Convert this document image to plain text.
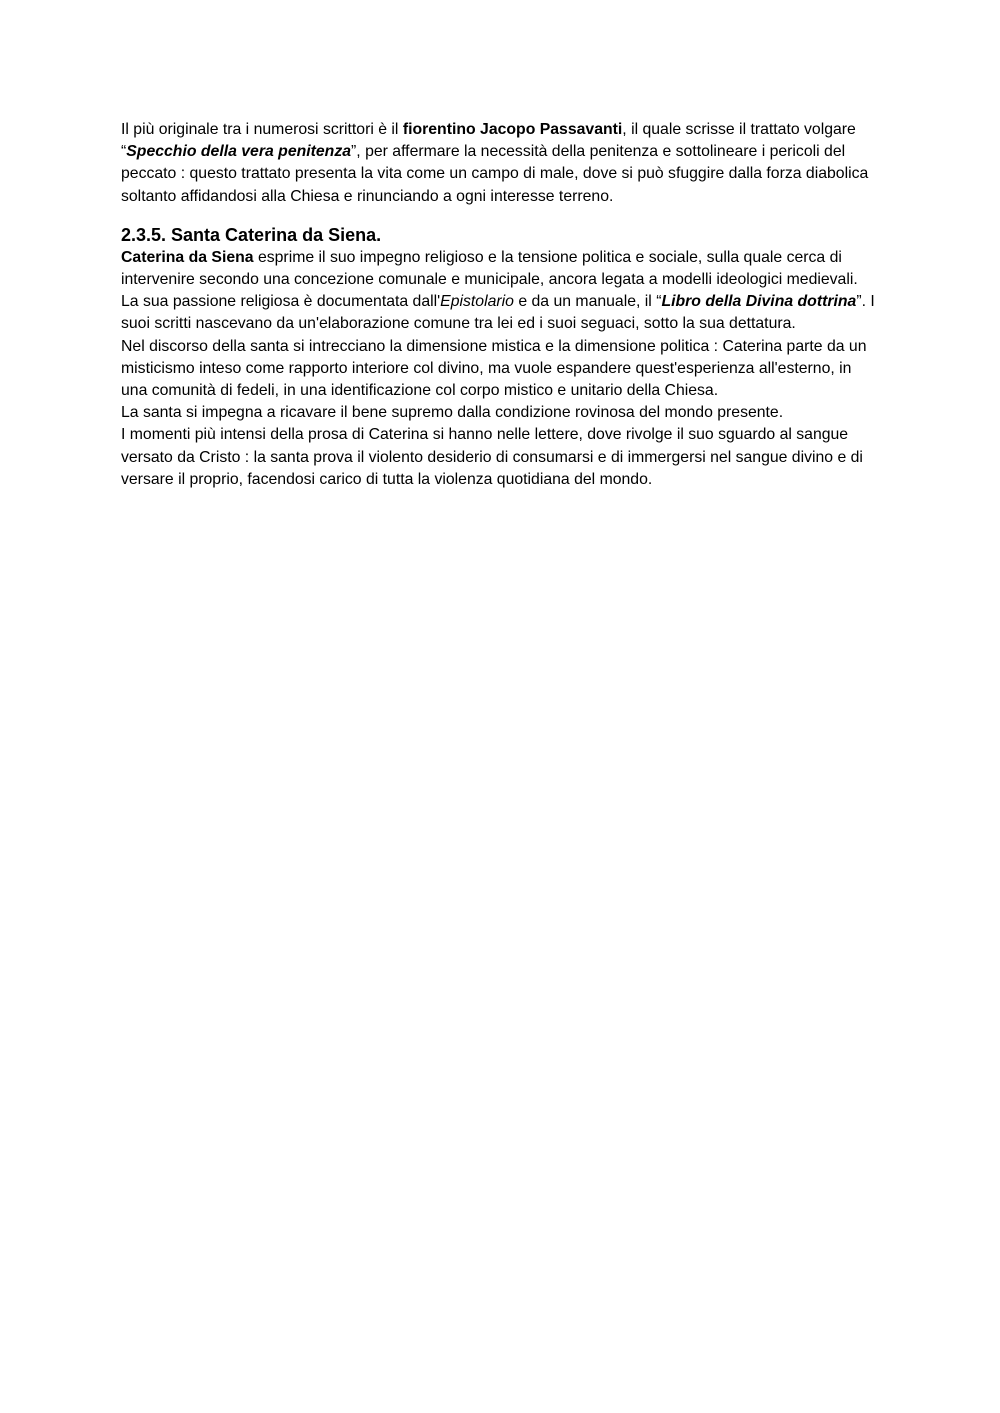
Il più originale tra i numerosi scrittori è il fiorentino Jacopo Passavanti, il quale scrisse il trattato volgare “Specchio della vera penitenza”, per affermare la necessità della penitenza e sottolineare i pericoli del peccato : questo trattato presenta la vita come un campo di male, dove si può sfuggire dalla forza diabolica soltanto affidandosi alla Chiesa e rinunciando a ogni interesse terreno.

2.3.5. Santa Caterina da Siena.

Caterina da Siena esprime il suo impegno religioso e la tensione politica e sociale, sulla quale cerca di intervenire secondo una concezione comunale e municipale, ancora legata a modelli ideologici medievali.

La sua passione religiosa è documentata dall'Epistolario e da un manuale, il “Libro della Divina dottrina”. I suoi scritti nascevano da un'elaborazione comune tra lei ed i suoi seguaci, sotto la sua dettatura.

Nel discorso della santa si intrecciano la dimensione mistica e la dimensione politica : Caterina parte da un misticismo inteso come rapporto interiore col divino, ma vuole espandere quest'esperienza all'esterno, in una comunità di fedeli, in una identificazione col corpo mistico e unitario della Chiesa.

La santa si impegna a ricavare il bene supremo dalla condizione rovinosa del mondo presente.

I momenti più intensi della prosa di Caterina si hanno nelle lettere, dove rivolge il suo sguardo al sangue versato da Cristo : la santa prova il violento desiderio di consumarsi e di immergersi nel sangue divino e di versare il proprio, facendosi carico di tutta la violenza quotidiana del mondo.
